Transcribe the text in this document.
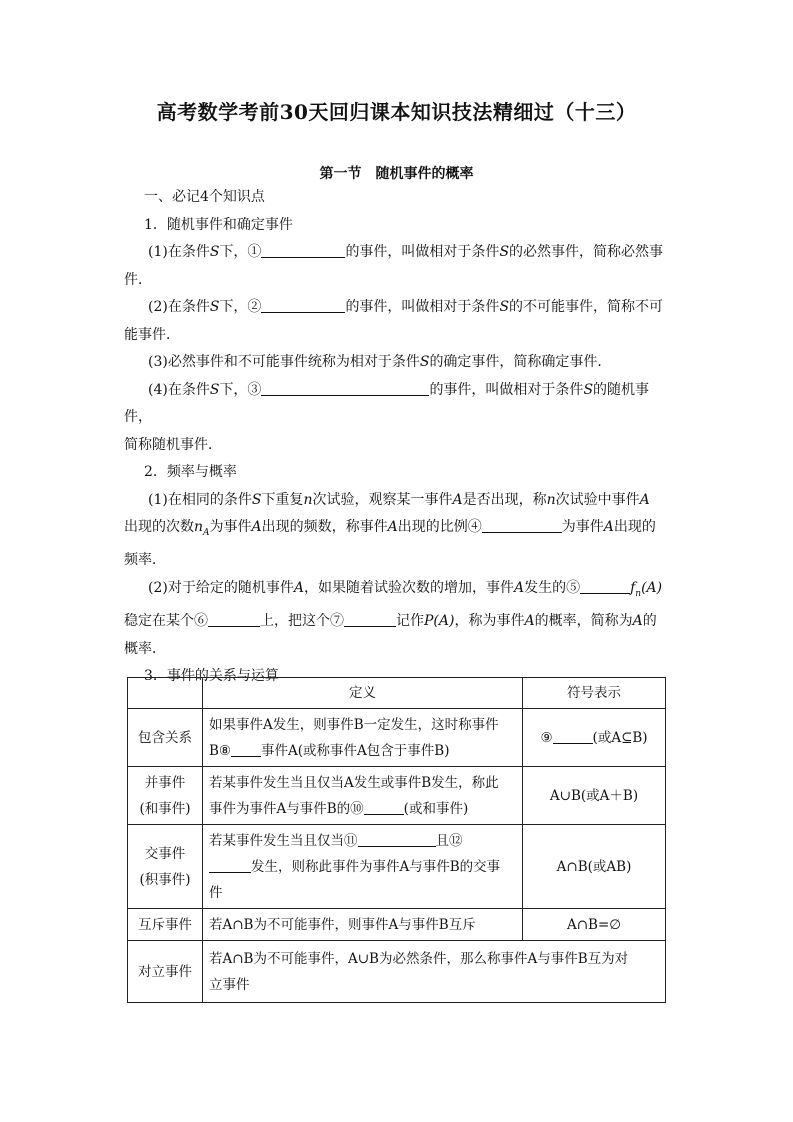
高考数学考前30天回归课本知识技法精细过（十三）
第一节　随机事件的概率

一、必记4个知识点

1．随机事件和确定事件

(1)在条件S下，①	的事件，叫做相对于条件S的必然事件，简称必然事
件．

(2)在条件S下，②	的事件，叫做相对于条件S的不可能事件，简称不可
能事件．

(3)必然事件和不可能事件统称为相对于条件S的确定事件，简称确定事件．

(4)在条件S下，③	的事件，叫做相对于条件S的随机事件，
简称随机事件．

2．频率与概率

(1)在相同的条件S下重复n次试验，观察某一事件A是否出现，称n次试验中事件A
出现的次数$n_A$为事件A出现的频数，称事件A出现的比例④	为事件A出现的
频率．

(2)对于给定的随机事件A，如果随着试验次数的增加，事件A发生的⑤	$f_n(A)$
稳定在某个⑥	上，把这个⑦	记作P(A)，称为事件A的概率，简称为A的
概率．

3．事件的关系与运算

	定义	符号表示
包含关系	如果事件A发生，则事件B一定发生，这时称事件
B⑧ 事件A(或称事件A包含于事件B)	⑨ (或A⊆B)
并事件
(和事件)	若某事件发生当且仅当A发生或事件B发生，称此
事件为事件A与事件B的⑩ (或和事件)	A∪B(或A＋B)
交事件
(积事件)	若某事件发生当且仅当⑪ 且⑫
发生，则称此事件为事件A与事件B的交事
件	A∩B(或AB)
互斥事件	若A∩B为不可能事件，则事件A与事件B互斥	A∩B=∅
对立事件	若A∩B为不可能事件，A∪B为必然条件，那么称事件A与事件B互为对
立事件	
